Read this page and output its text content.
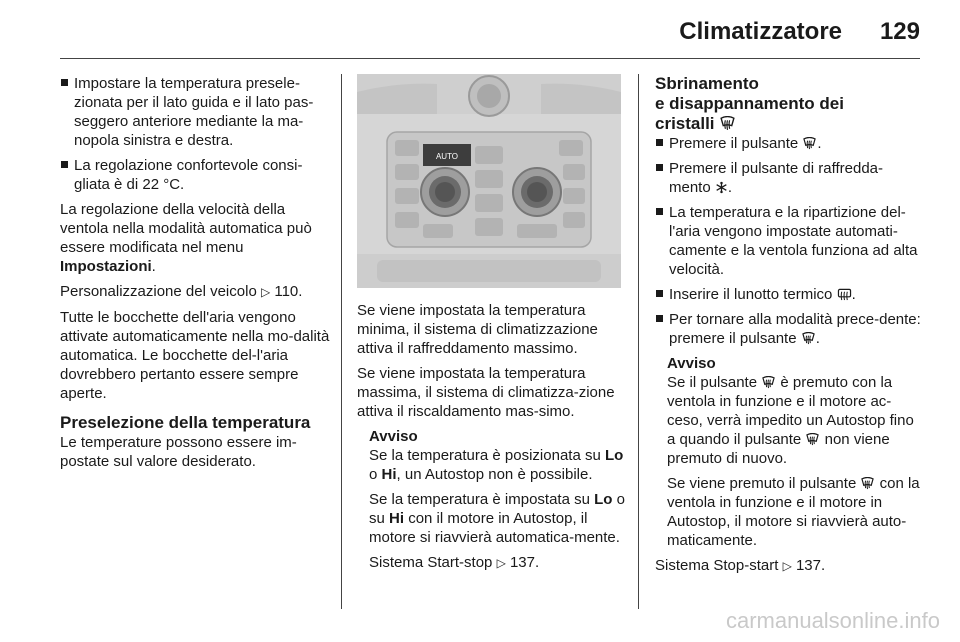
Climatizzatore 129
Impostare la temperatura presele-zionata per il lato guida e il lato pas-seggero anteriore mediante la ma-nopola sinistra e destra.
La regolazione confortevole consi-gliata è di 22 °C.

La regolazione della velocità della ventola nella modalità automatica può essere modificata nel menu Impostazioni.

Personalizzazione del veicolo ▷ 110.

Tutte le bocchette dell'aria vengono attivate automaticamente nella mo-dalità automatica. Le bocchette del-l'aria dovrebbero pertanto essere sempre aperte.

Preselezione della temperatura

Le temperature possono essere im-postate sul valore desiderato.

AUTO

Se viene impostata la temperatura minima, il sistema di climatizzazione attiva il raffreddamento massimo.

Se viene impostata la temperatura massima, il sistema di climatizza-zione attiva il riscaldamento mas-simo.

Avviso

Se la temperatura è posizionata su Lo o Hi, un Autostop non è possibile.

Se la temperatura è impostata su Lo o su Hi con il motore in Autostop, il motore si riavvierà automatica-mente.

Sistema Start-stop ▷ 137.

Sbrinamento
e disappannamento dei
cristalli
Premere il pulsante .
Premere il pulsante di raffredda-mento .
La temperatura e la ripartizione del-l'aria vengono impostate automati-camente e la ventola funziona ad alta velocità.
Inserire il lunotto termico .
Per tornare alla modalità prece-dente: premere il pulsante .
Avviso

Se il pulsante è premuto con la ventola in funzione e il motore ac-ceso, verrà impedito un Autostop fino a quando il pulsante non viene premuto di nuovo.

Se viene premuto il pulsante con la ventola in funzione e il motore in Autostop, il motore si riavvierà auto-maticamente.

Sistema Stop-start ▷ 137.

carmanualsonline.info
